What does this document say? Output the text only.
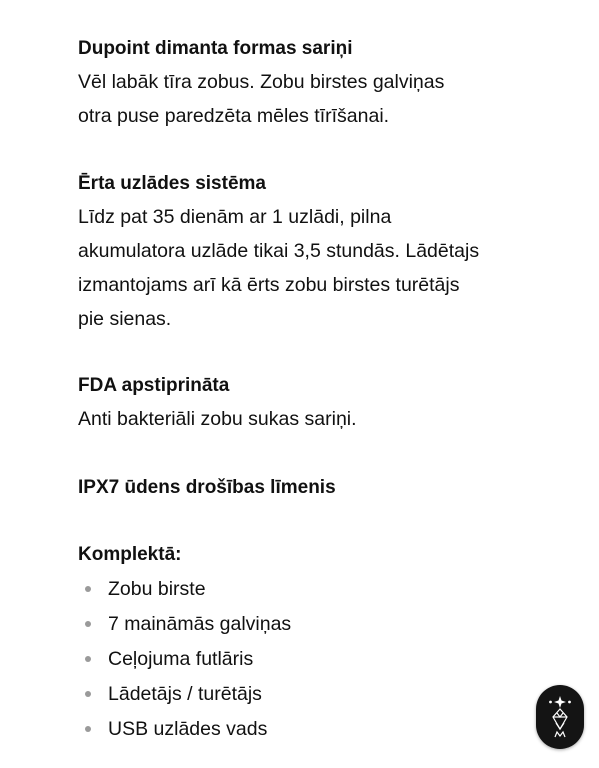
Dupoint dimanta formas sariņi

Vēl labāk tīra zobus. Zobu birstes galviņas

otra puse paredzēta mēles tīrīšanai.

Ērta uzlādes sistēma

Līdz pat 35 dienām ar 1 uzlādi, pilna

akumulatora uzlāde tikai 3,5 stundās. Lādētajs

izmantojams arī kā ērts zobu birstes turētājs

pie sienas.

FDA apstiprināta

Anti bakteriāli zobu sukas sariņi.

IPX7 ūdens drošības līmenis
Komplektā:
Zobu birste
7 maināmās galviņas
Ceļojuma futlāris
Lādetājs / turētājs
USB uzlādes vads
